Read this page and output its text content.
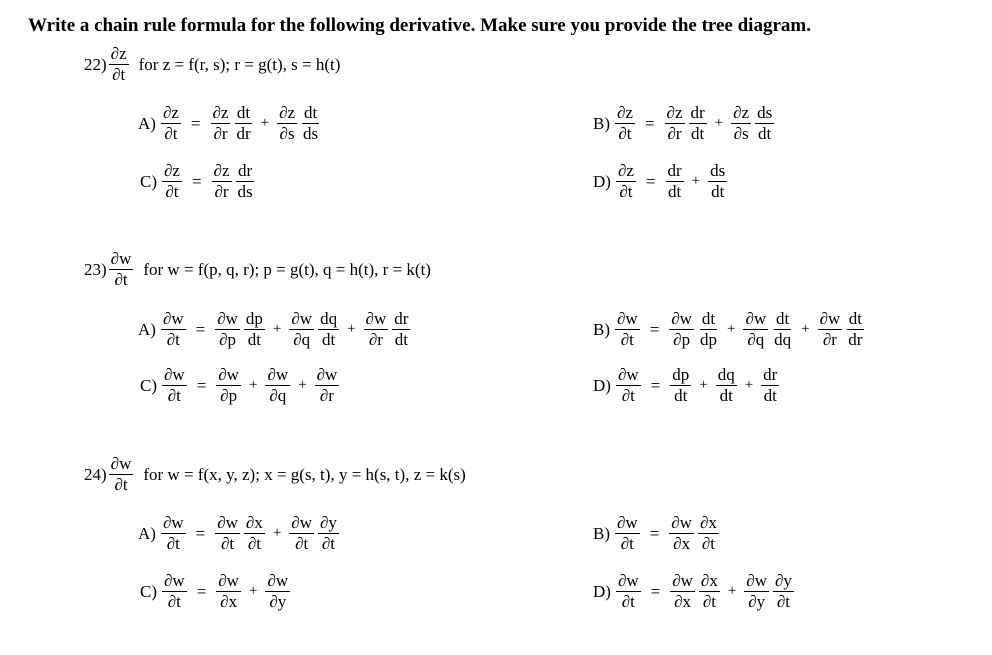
Write a chain rule formula for the following derivative. Make sure you provide the tree diagram.
$22) \frac{\partial z}{\partial t}$ for z = f(r, s); r = g(t), s = h(t)
$A) \frac{\partial z}{\partial t} = \frac{\partial z}{\partial r} \frac{dt}{dr} + \frac{\partial z}{\partial s} \frac{dt}{ds}$	$B) \frac{\partial z}{\partial t} = \frac{\partial z}{\partial r} \frac{dr}{dt} + \frac{\partial z}{\partial s} \frac{ds}{dt}$
$C) \frac{\partial z}{\partial t} = \frac{\partial z}{\partial r} \frac{dr}{ds}$	$D) \frac{\partial z}{\partial t} = \frac{dr}{dt} + \frac{ds}{dt}$
$23) \frac{\partial w}{\partial t}$ for w = f(p, q, r); p = g(t), q = h(t), r = k(t)
$A) \frac{\partial w}{\partial t} = \frac{\partial w}{\partial p} \frac{dp}{dt} + \frac{\partial w}{\partial q} \frac{dq}{dt} + \frac{\partial w}{\partial r} \frac{dr}{dt}$	$B) \frac{\partial w}{\partial t} = \frac{\partial w}{\partial p} \frac{dt}{dp} + \frac{\partial w}{\partial q} \frac{dt}{dq} + \frac{\partial w}{\partial r} \frac{dt}{dr}$
$C) \frac{\partial w}{\partial t} = \frac{\partial w}{\partial p} + \frac{\partial w}{\partial q} + \frac{\partial w}{\partial r}$	$D) \frac{\partial w}{\partial t} = \frac{dp}{dt} + \frac{dq}{dt} + \frac{dr}{dt}$
$24) \frac{\partial w}{\partial t}$ for w = f(x, y, z); x = g(s, t), y = h(s, t), z = k(s)
$A) \frac{\partial w}{\partial t} = \frac{\partial w}{\partial t} \frac{\partial x}{\partial t} + \frac{\partial w}{\partial t} \frac{\partial y}{\partial t}$	$B) \frac{\partial w}{\partial t} = \frac{\partial w}{\partial x} \frac{\partial x}{\partial t}$
$C) \frac{\partial w}{\partial t} = \frac{\partial w}{\partial x} + \frac{\partial w}{\partial y}$	$D) \frac{\partial w}{\partial t} = \frac{\partial w}{\partial x} \frac{\partial x}{\partial t} + \frac{\partial w}{\partial y} \frac{\partial y}{\partial t}$
